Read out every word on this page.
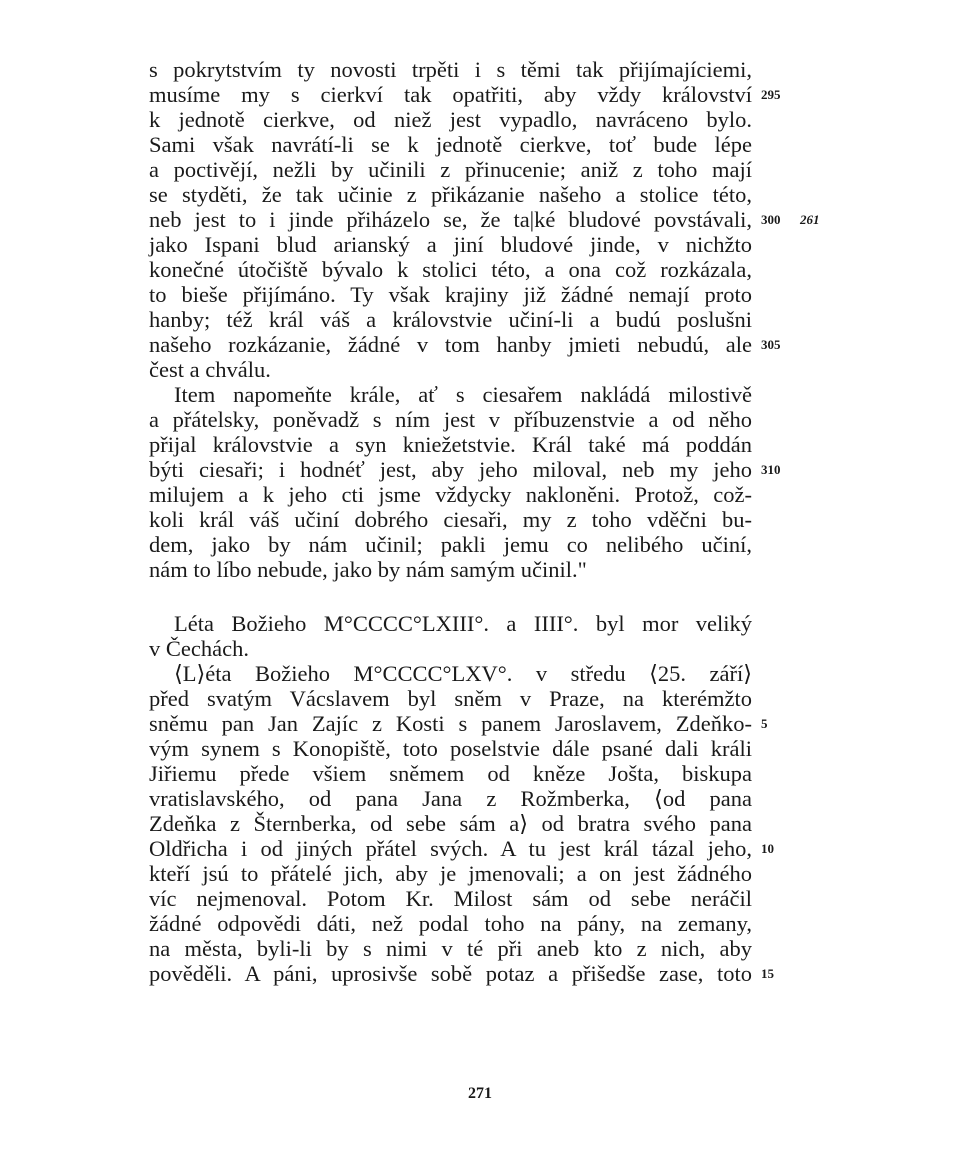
s pokrytstvím ty novosti trpěti i s těmi tak přijímajíciemi,
musíme my s cierkví tak opatřiti, aby vždy království 295
k jednotě cierkve, od niež jest vypadlo, navráceno bylo.
Sami však navrátí-li se k jednotě cierkve, toť bude lépe
a poctivějí, nežli by učinili z přinucenie; aniž z toho mají
se styděti, že tak učinie z přikázanie našeho a stolice této,
neb jest to i jinde přiházelo se, že ta|ké bludové povstávali, 300 261
jako Ispani blud arianský a jiní bludové jinde, v nichžto
konečné útočiště bývalo k stolici této, a ona což rozkázala,
to bieše přijímáno. Ty však krajiny již žádné nemají proto
hanby; též král váš a královstvie učiní-li a budú poslušni
našeho rozkázanie, žádné v tom hanby jmieti nebudú, ale 305
čest a chválu.
Item napomeňte krále, ať s ciesařem nakládá milostivě
a přátelsky, poněvadž s ním jest v příbuzenstvie a od něho
přijal královstvie a syn kniežetstvie. Král také má poddán
býti ciesaři; i hodnéť jest, aby jeho miloval, neb my jeho 310
milujem a k jeho cti jsme vždycky nakloněni. Protož, což-
koli král váš učiní dobrého ciesaři, my z toho vděčni bu-
dem, jako by nám učinil; pakli jemu co nelibého učiní,
nám to líbo nebude, jako by nám samým učinil."
Léta Božieho M°CCCC°LXIII°. a IIII°. byl mor veliký
v Čechách.
⟨L⟩éta Božieho M°CCCC°LXV°. v středu ⟨25. září⟩
před svatým Vácslavem byl sněm v Praze, na kterémžto
sněmu pan Jan Zajíc z Kosti s panem Jaroslavem, Zdeňko- 5
vým synem s Konopiště, toto poselstvie dále psané dali králi
Jiřiemu přede všiem sněmem od kněze Jošta, biskupa
vratislavského, od pana Jana z Rožmberka, ⟨od pana
Zdeňka z Šternberka, od sebe sám a⟩ od bratra svého pana
Oldřicha i od jiných přátel svých. A tu jest král tázal jeho, 10
kteří jsú to přátelé jich, aby je jmenovali; a on jest žádného
víc nejmenoval. Potom Kr. Milost sám od sebe neráčil
žádné odpovědi dáti, než podal toho na pány, na zemany,
na města, byli-li by s nimi v té při aneb kto z nich, aby
pověděli. A páni, uprosivše sobě potaz a přišedše zase, toto 15
271
